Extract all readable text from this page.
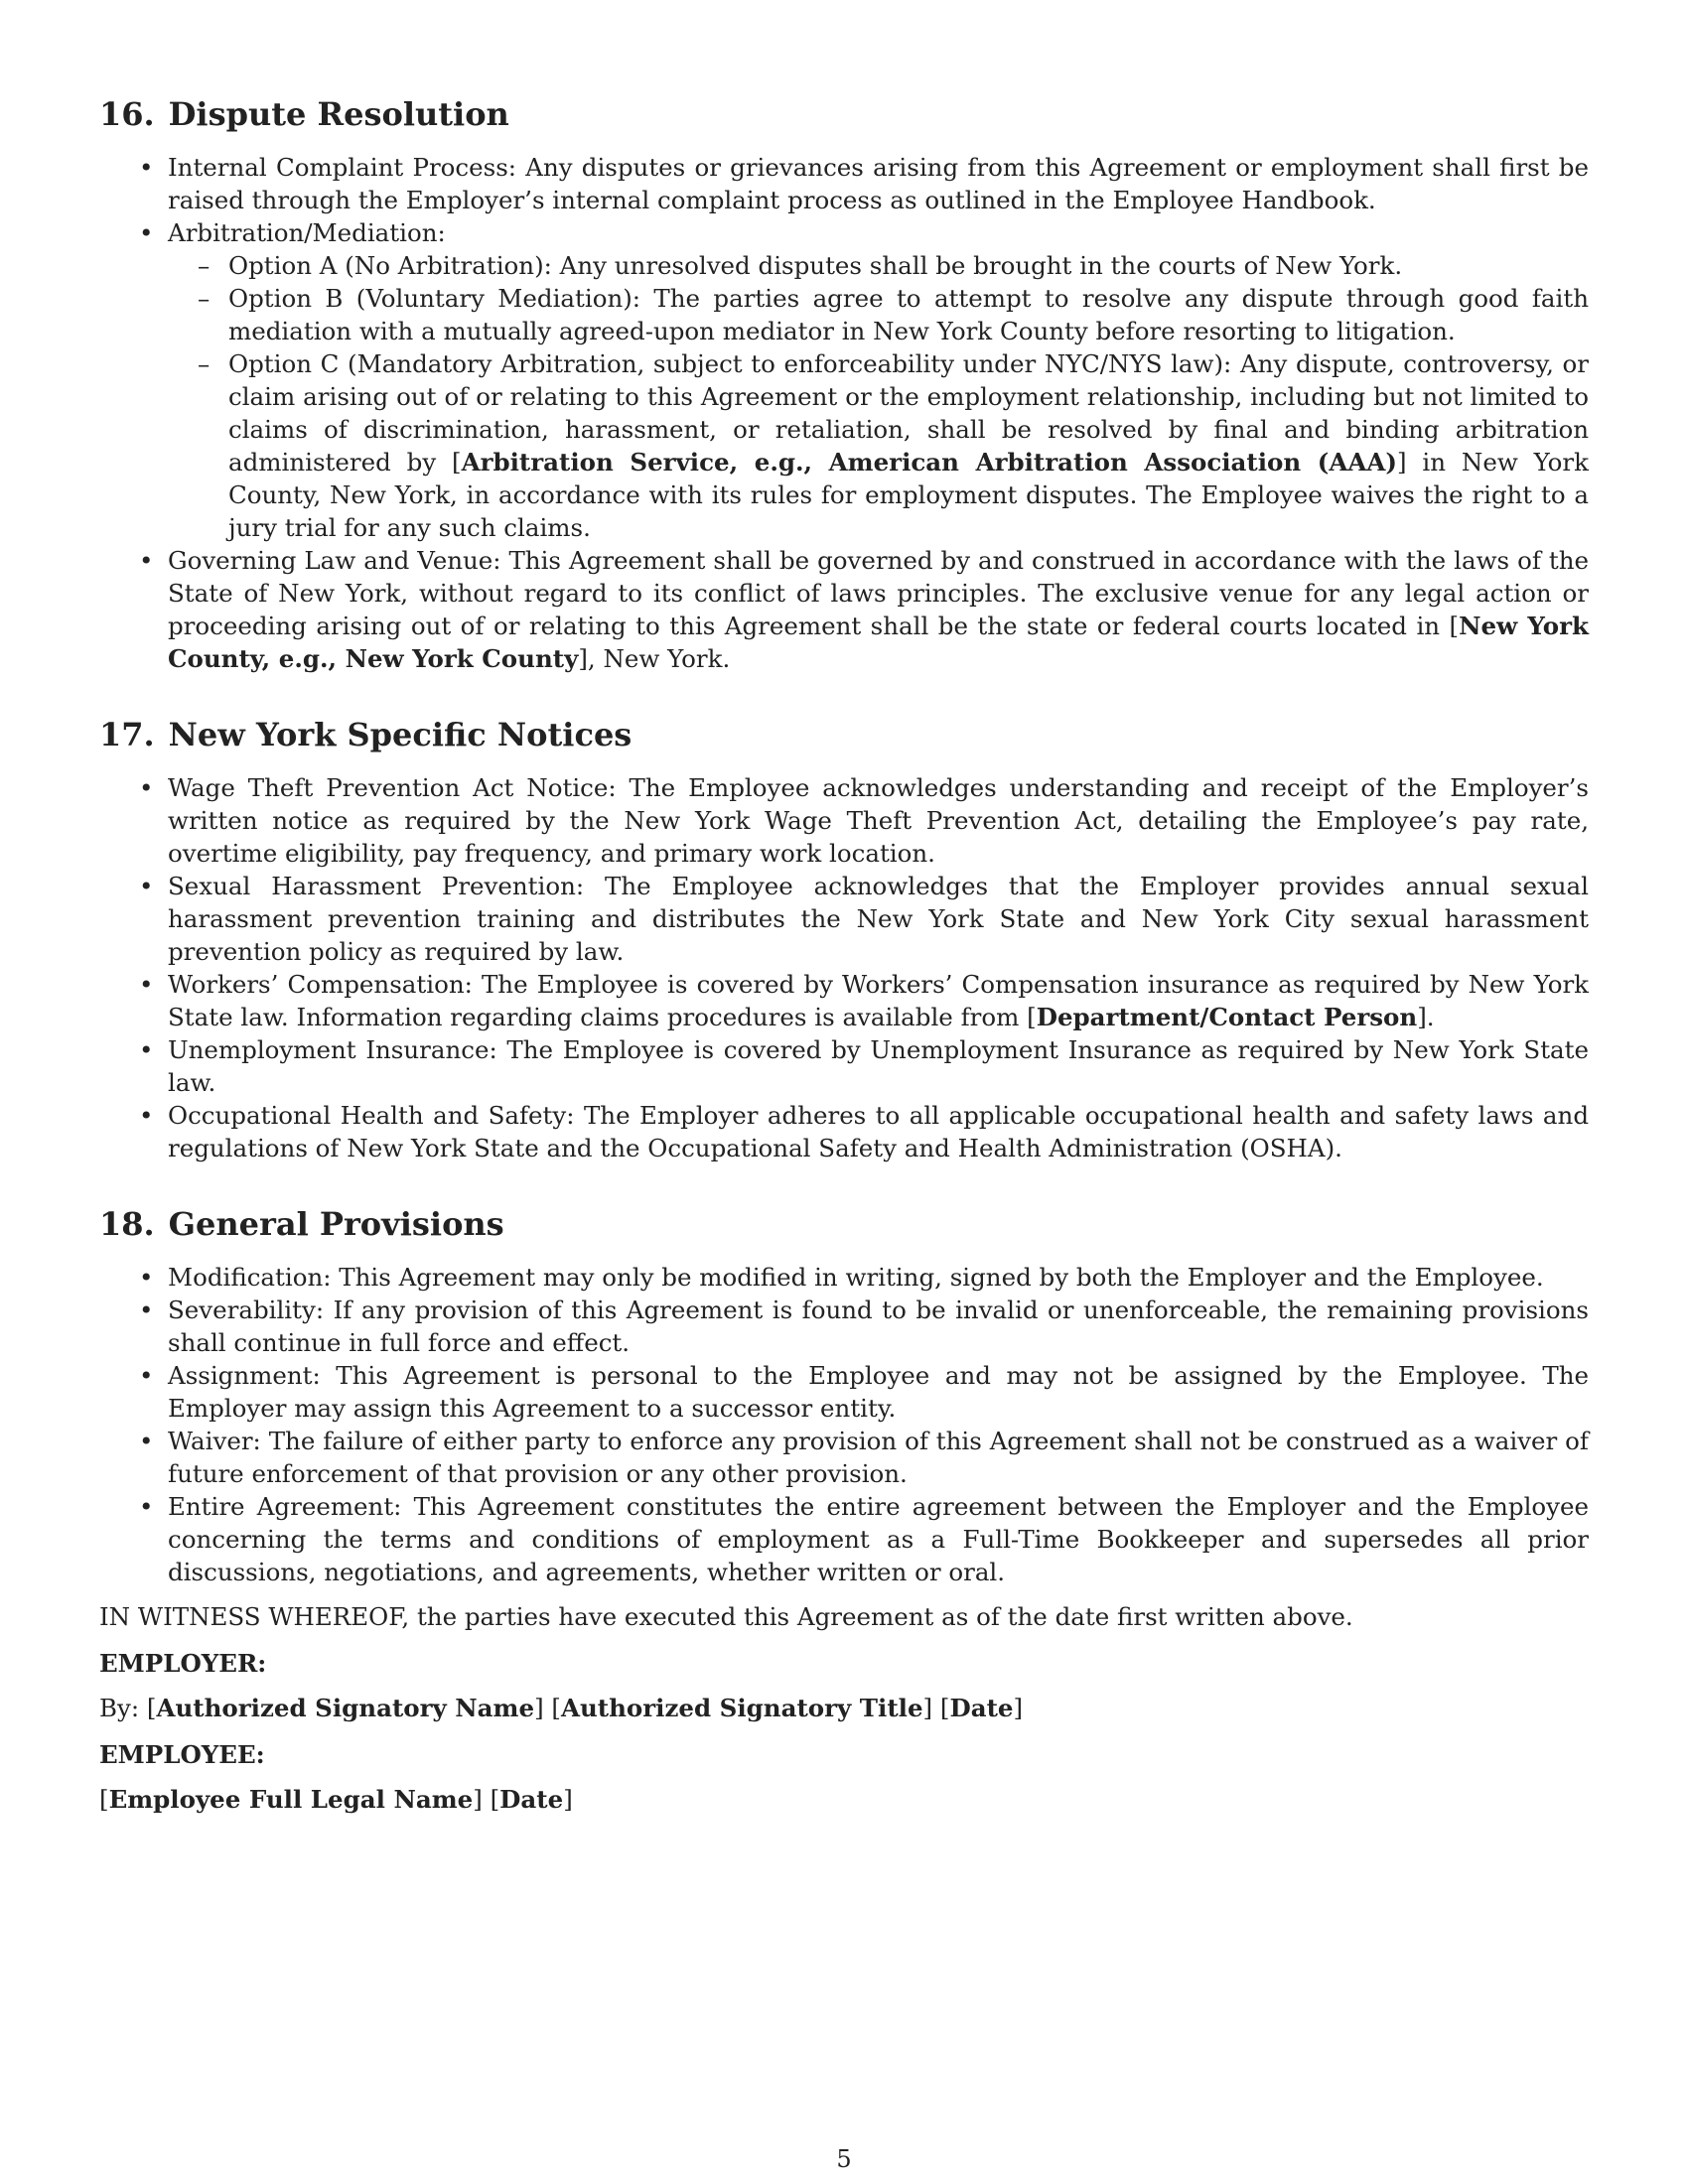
16. Dispute Resolution
• Internal Complaint Process: Any disputes or grievances arising from this Agreement or employment shall first be raised through the Employer’s internal complaint process as outlined in the Employee Handbook.
• Arbitration/Mediation:
– Option A (No Arbitration): Any unresolved disputes shall be brought in the courts of New York.
– Option B (Voluntary Mediation): The parties agree to attempt to resolve any dispute through good faith mediation with a mutually agreed-upon mediator in New York County before resorting to litigation.
– Option C (Mandatory Arbitration, subject to enforceability under NYC/NYS law): Any dispute, controversy, or claim arising out of or relating to this Agreement or the employment relationship, including but not limited to claims of discrimination, harassment, or retaliation, shall be resolved by final and binding arbitration administered by [Arbitration Service, e.g., American Arbitration Association (AAA)] in New York County, New York, in accordance with its rules for employment disputes. The Employee waives the right to a jury trial for any such claims.
• Governing Law and Venue: This Agreement shall be governed by and construed in accordance with the laws of the State of New York, without regard to its conflict of laws principles. The exclusive venue for any legal action or proceeding arising out of or relating to this Agreement shall be the state or federal courts located in [New York County, e.g., New York County], New York.
17. New York Specific Notices
• Wage Theft Prevention Act Notice: The Employee acknowledges understanding and receipt of the Employer’s written notice as required by the New York Wage Theft Prevention Act, detailing the Employee’s pay rate, overtime eligibility, pay frequency, and primary work location.
• Sexual Harassment Prevention: The Employee acknowledges that the Employer provides annual sexual harassment prevention training and distributes the New York State and New York City sexual harassment prevention policy as required by law.
• Workers’ Compensation: The Employee is covered by Workers’ Compensation insurance as required by New York State law. Information regarding claims procedures is available from [Department/Contact Person].
• Unemployment Insurance: The Employee is covered by Unemployment Insurance as required by New York State law.
• Occupational Health and Safety: The Employer adheres to all applicable occupational health and safety laws and regulations of New York State and the Occupational Safety and Health Administration (OSHA).
18. General Provisions
• Modification: This Agreement may only be modified in writing, signed by both the Employer and the Employee.
• Severability: If any provision of this Agreement is found to be invalid or unenforceable, the remaining provisions shall continue in full force and effect.
• Assignment: This Agreement is personal to the Employee and may not be assigned by the Employee. The Employer may assign this Agreement to a successor entity.
• Waiver: The failure of either party to enforce any provision of this Agreement shall not be construed as a waiver of future enforcement of that provision or any other provision.
• Entire Agreement: This Agreement constitutes the entire agreement between the Employer and the Employee concerning the terms and conditions of employment as a Full-Time Bookkeeper and supersedes all prior discussions, negotiations, and agreements, whether written or oral.

IN WITNESS WHEREOF, the parties have executed this Agreement as of the date first written above.

EMPLOYER:

By: [Authorized Signatory Name] [Authorized Signatory Title] [Date]

EMPLOYEE:

[Employee Full Legal Name] [Date]

5
